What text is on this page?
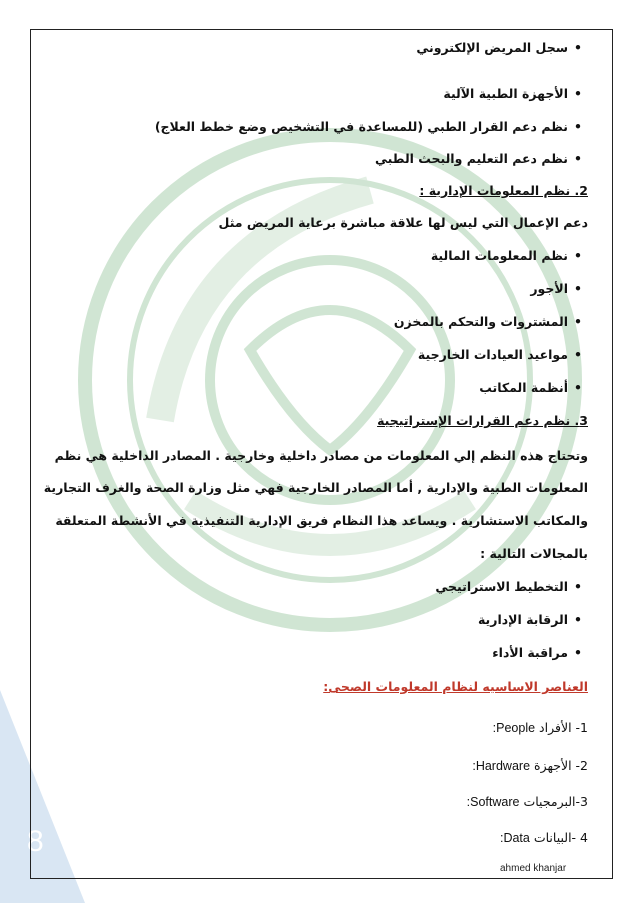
8
•سجل المريض الإلكتروني
•الأجهزة الطبية الآلية
•نظم دعم القرار الطبي (للمساعدة في التشخيص وضع خطط العلاج)
•نظم دعم التعليم والبحث الطبي
2. نظم المعلومات الإدارية :
دعم الإعمال التي ليس لها علاقة مباشرة برعاية المريض مثل
•نظم المعلومات المالية
•الأجور
•المشتروات والتحكم بالمخزن
•مواعيد العيادات الخارجية
•أنظمة المكاتب
3. نظم دعم القرارات الإستراتيجية
وتحتاج هذه النظم إلي المعلومات من مصادر داخلية وخارجية . المصادر الداخلية هي نظم
المعلومات الطبية والإدارية , أما المصادر الخارجية فهي مثل وزارة الصحة والغرف التجارية
والمكاتب الاستشارية . ويساعد هذا النظام فريق الإدارية التنفيذية في الأنشطة المتعلقة
بالمجالات التالية :
•التخطيط الاستراتيجي
•الرقابة الإدارية
•مراقبة الأداء
العناصر الاساسيه لنظام المعلومات الصحى:
1- الأفراد :People
2- الأجهزة :Hardware
3-البرمجيات :Software
4 -البيانات :Data
ahmed khanjar
